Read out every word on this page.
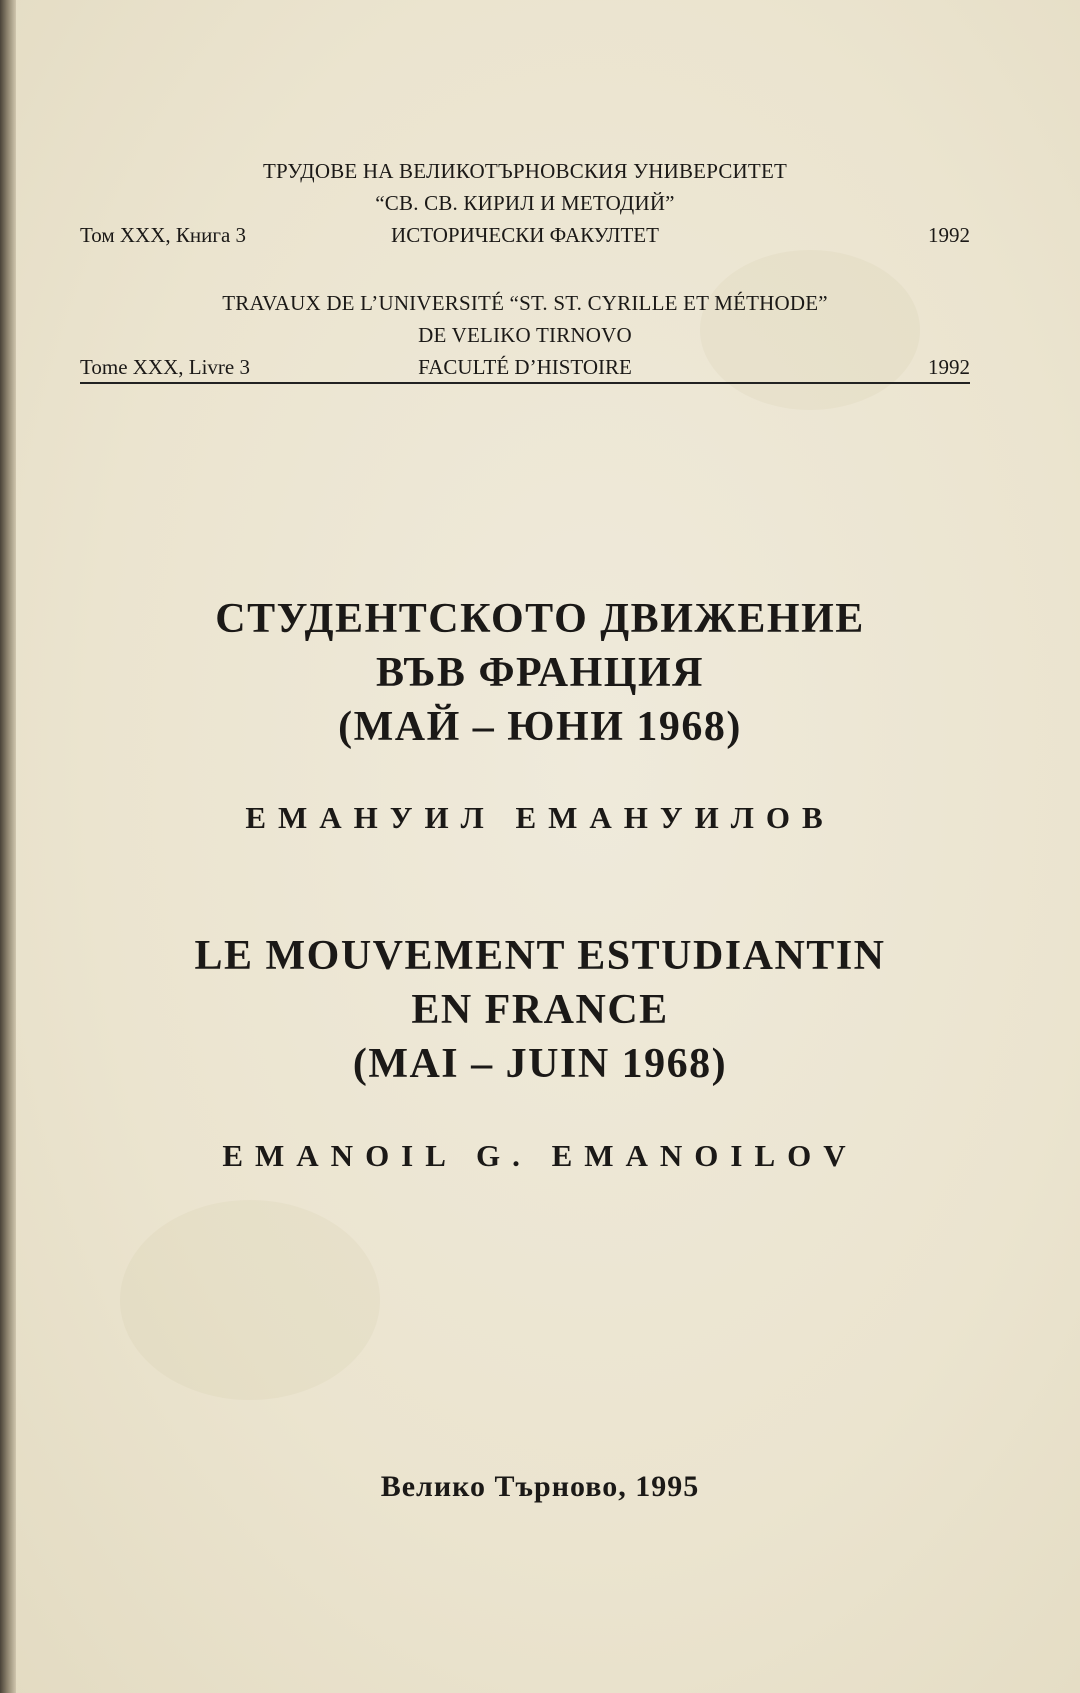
ТРУДОВЕ НА ВЕЛИКОТЪРНОВСКИЯ УНИВЕРСИТЕТ
“СВ. СВ. КИРИЛ И МЕТОДИЙ”
Том XXX, Книга 3	ИСТОРИЧЕСКИ ФАКУЛТЕТ	1992
TRAVAUX DE L’UNIVERSITÉ “ST. ST. CYRILLE ET MÉTHODE”
DE VELIKO TIRNOVO
Tome XXX, Livre 3	FACULTÉ D’HISTOIRE	1992
СТУДЕНТСКОТО ДВИЖЕНИЕ
ВЪВ ФРАНЦИЯ
(МАЙ – ЮНИ 1968)
ЕМАНУИЛ ЕМАНУИЛОВ
LE MOUVEMENT ESTUDIANTIN
EN FRANCE
(MAI – JUIN 1968)
EMANOIL G. EMANOILOV
Велико Търново, 1995
